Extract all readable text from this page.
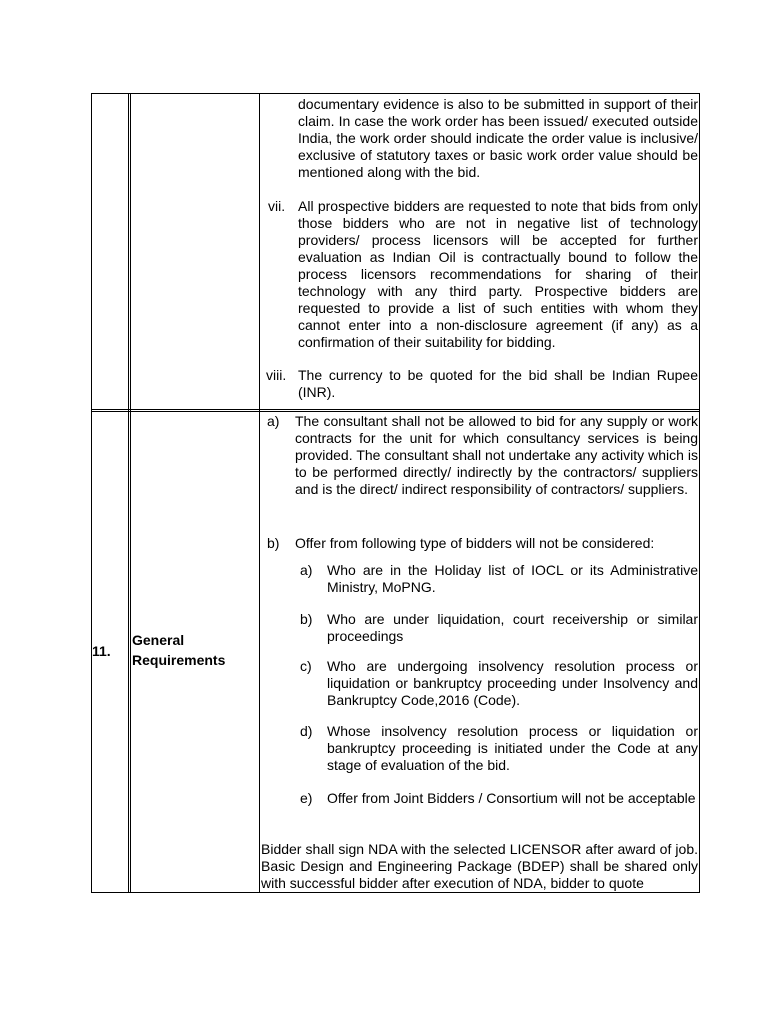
documentary evidence is also to be submitted in support of their claim. In case the work order has been issued/ executed outside India, the work order should indicate the order value is inclusive/ exclusive of statutory taxes or basic work order value should be mentioned along with the bid.

vii. All prospective bidders are requested to note that bids from only those bidders who are not in negative list of technology providers/ process licensors will be accepted for further evaluation as Indian Oil is contractually bound to follow the process licensors recommendations for sharing of their technology with any third party. Prospective bidders are requested to provide a list of such entities with whom they cannot enter into a non-disclosure agreement (if any) as a confirmation of their suitability for bidding.

viii. The currency to be quoted for the bid shall be Indian Rupee (INR).

11.
General
Requirements
a) The consultant shall not be allowed to bid for any supply or work contracts for the unit for which consultancy services is being provided. The consultant shall not undertake any activity which is to be performed directly/ indirectly by the contractors/ suppliers and is the direct/ indirect responsibility of contractors/ suppliers.

b) Offer from following type of bidders will not be considered:

a) Who are in the Holiday list of IOCL or its Administrative Ministry, MoPNG.

b) Who are under liquidation, court receivership or similar proceedings

c) Who are undergoing insolvency resolution process or liquidation or bankruptcy proceeding under Insolvency and Bankruptcy Code,2016 (Code).

d) Whose insolvency resolution process or liquidation or bankruptcy proceeding is initiated under the Code at any stage of evaluation of the bid.

e) Offer from Joint Bidders / Consortium will not be acceptable

Bidder shall sign NDA with the selected LICENSOR after award of job. Basic Design and Engineering Package (BDEP) shall be shared only with successful bidder after execution of NDA, bidder to quote
